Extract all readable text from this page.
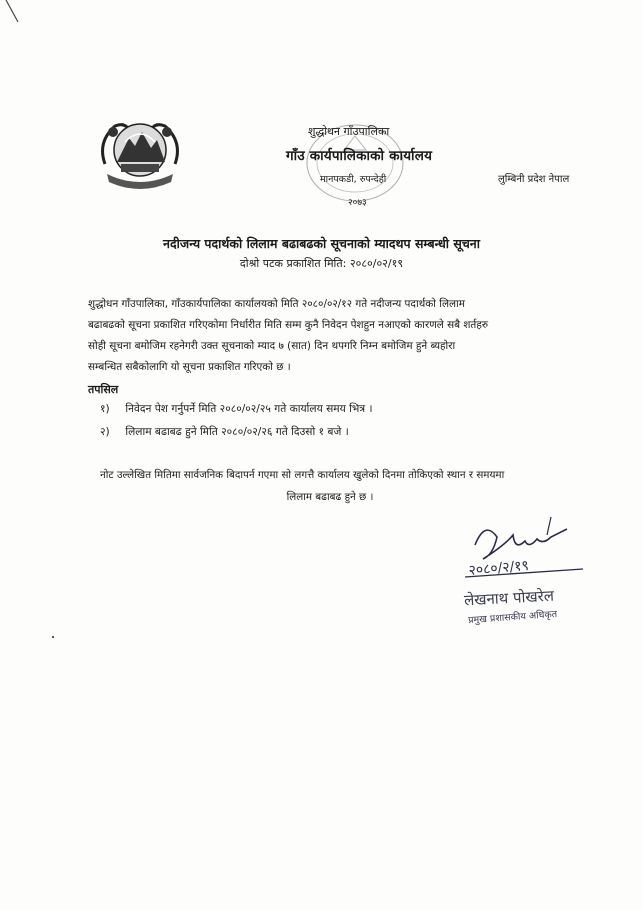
शुद्धोधन गाँउपालिका
गाँउ कार्यपालिकाको कार्यालय
मानपकडी, रुपन्देही
२०७३
लुम्बिनी प्रदेश नेपाल
नदीजन्य पदार्थको लिलाम बढाबढको सूचनाको म्यादथप सम्बन्धी सूचना
दोश्रो पटक प्रकाशित मिति: २०८०/०२/१९
शुद्धोधन गाँउपालिका, गाँउकार्यपालिका कार्यालयको मिति २०८०/०२/१२ गते नदीजन्य पदार्थको लिलाम
बढाबढको सूचना प्रकाशित गरिएकोमा निर्धारीत मिति सम्म कुनै निवेदन पेशहुन नआएको कारणले सबै शर्तहरु
सोही सूचना बमोजिम रहनेगरी उक्त सूचनाको म्याद ७ (सात) दिन थपगरि निम्न बमोजिम हुने ब्यहोरा
सम्बन्धित सबैकोलागि यो सूचना प्रकाशित गरिएको छ ।
तपसिल
१) निवेदन पेश गर्नुपर्ने मिति २०८०/०२/२५ गते कार्यालय समय भित्र ।
२) लिलाम बढाबढ हुने मिति २०८०/०२/२६ गते दिउसो १ बजे ।
नोट उल्लेखित मितिमा सार्वजनिक बिदापर्न गएमा सो लगत्तै कार्यालय खुलेको दिनमा तोकिएको स्थान र समयमा
लिलाम बढाबढ हुने छ ।
२०८०/२/१९
लेखनाथ पोखरेल
प्रमुख प्रशासकीय अधिकृत
